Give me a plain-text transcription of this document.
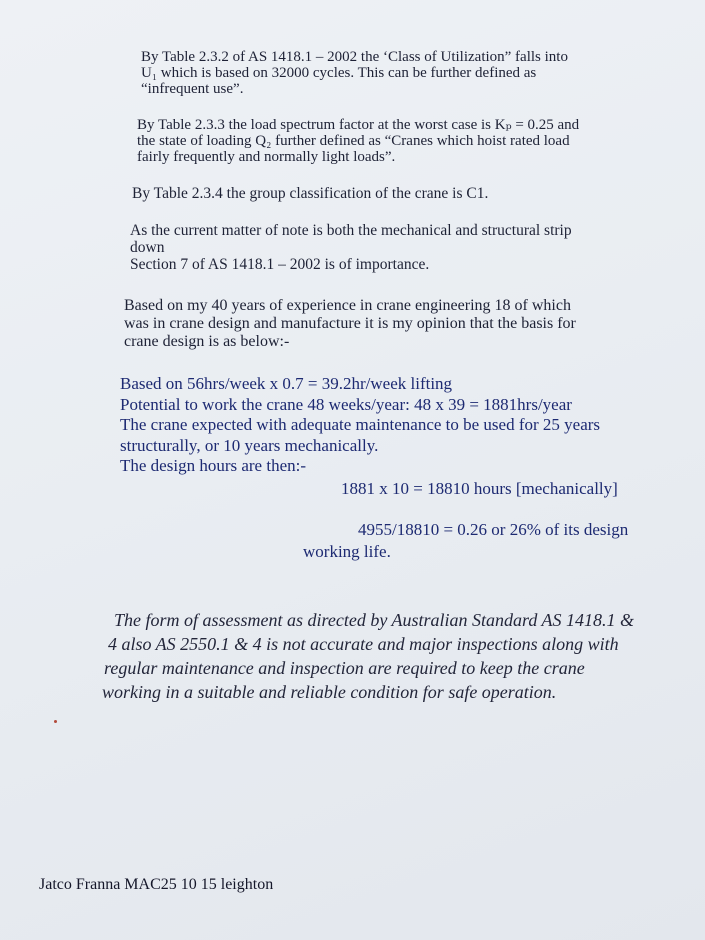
By Table 2.3.2 of AS 1418.1 – 2002 the ‘Class of Utilization” falls into
U₁ which is based on 32000 cycles. This can be further defined as
“infrequent use”.
By Table 2.3.3 the load spectrum factor at the worst case is Kₚ = 0.25 and
the state of loading Q₂ further defined as “Cranes which hoist rated load
fairly frequently and normally light loads”.
By Table 2.3.4 the group classification of the crane is C1.
As the current matter of note is both the mechanical and structural strip
down
Section 7 of AS 1418.1 – 2002 is of importance.
Based on my 40 years of experience in crane engineering 18 of which
was in crane design and manufacture it is my opinion that the basis for
crane design is as below:-
Based on 56hrs/week x 0.7 = 39.2hr/week lifting
Potential to work the crane 48 weeks/year: 48 x 39 = 1881hrs/year
The crane expected with adequate maintenance to be used for 25 years
structurally, or 10 years mechanically.
The design hours are then:-
1881 x 10 = 18810 hours [mechanically]
4955/18810 = 0.26 or 26% of its design
working life.
The form of assessment as directed by Australian Standard AS 1418.1 &
4 also AS 2550.1 & 4 is not accurate and major inspections along with
regular maintenance and inspection are required to keep the crane
working in a suitable and reliable condition for safe operation.
Jatco Franna MAC25 10 15 leighton
